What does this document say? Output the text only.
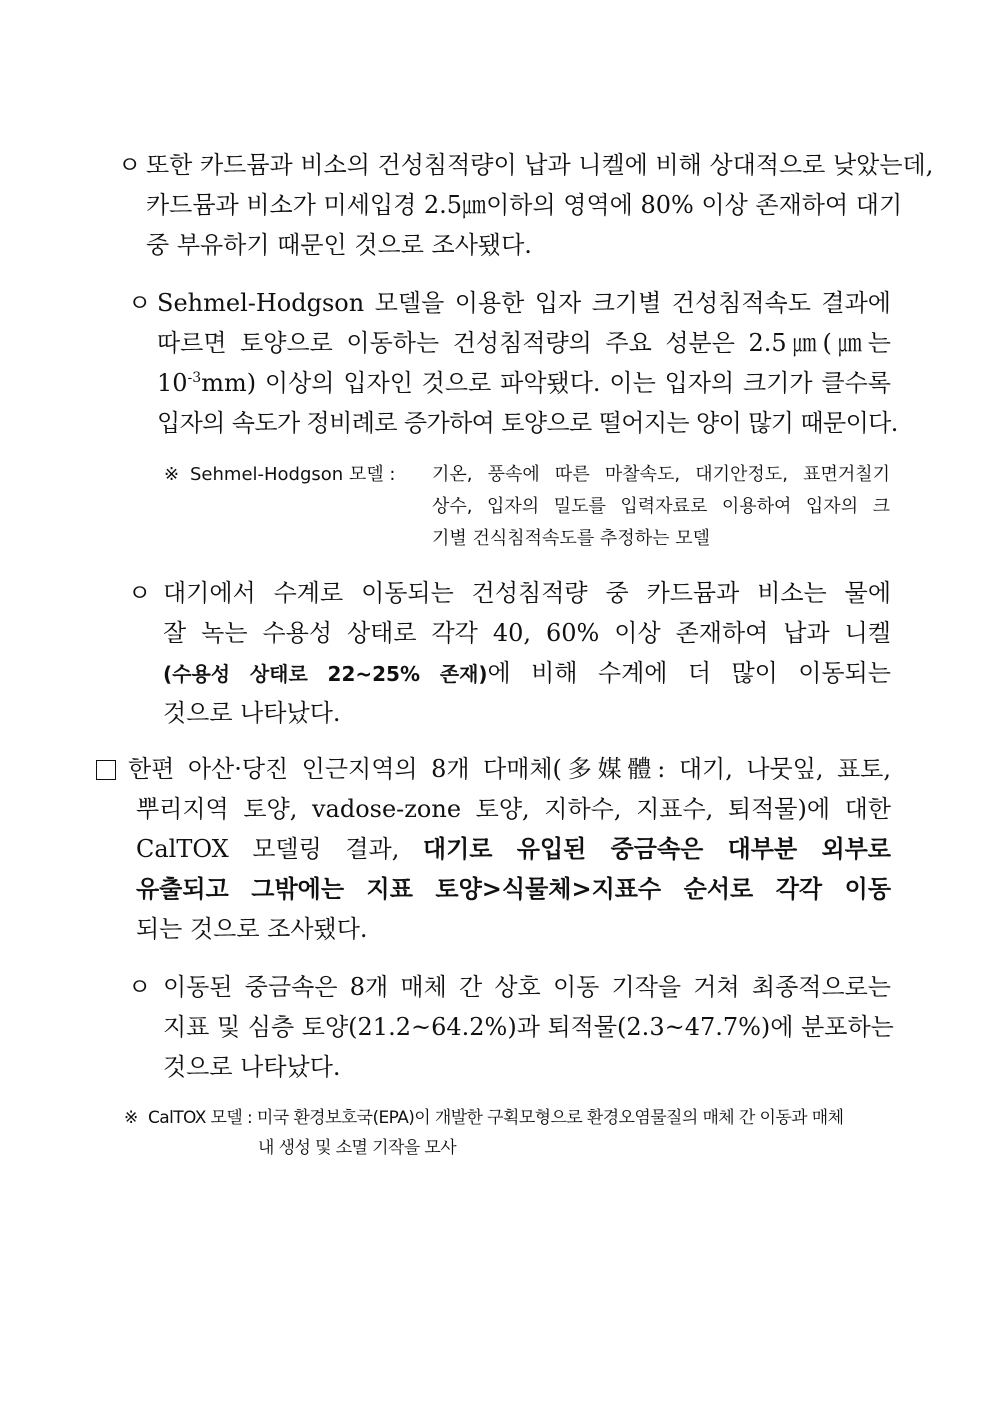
ㅇ 또한 카드뮴과 비소의 건성침적량이 납과 니켈에 비해 상대적으로 낮았는데,
카드뮴과 비소가 미세입경 2.5㎛이하의 영역에 80% 이상 존재하여 대기
중 부유하기 때문인 것으로 조사됐다.
ㅇ Sehmel-Hodgson 모델을 이용한 입자 크기별 건성침적속도 결과에
따르면 토양으로 이동하는 건성침적량의 주요 성분은 2.5㎛(㎛는
$10^{-3}mm$) 이상의 입자인 것으로 파악됐다. 이는 입자의 크기가 클수록
입자의 속도가 정비례로 증가하여 토양으로 떨어지는 양이 많기 때문이다.
※ Sehmel-Hodgson 모델 : 기온, 풍속에 따른 마찰속도, 대기안정도, 표면거칠기
상수, 입자의 밀도를 입력자료로 이용하여 입자의 크
기별 건식침적속도를 추정하는 모델
ㅇ 대기에서 수계로 이동되는 건성침적량 중 카드뮴과 비소는 물에
잘 녹는 수용성 상태로 각각 40, 60% 이상 존재하여 납과 니켈
(수용성 상태로 22~25% 존재)에 비해 수계에 더 많이 이동되는
것으로 나타났다.
한편 아산·당진 인근지역의 8개 다매체(多媒體: 대기, 나뭇잎, 표토,
뿌리지역 토양, vadose-zone 토양, 지하수, 지표수, 퇴적물)에 대한
CalTOX 모델링 결과, 대기로 유입된 중금속은 대부분 외부로
유출되고 그밖에는 지표 토양>식물체>지표수 순서로 각각 이동
되는 것으로 조사됐다.
ㅇ 이동된 중금속은 8개 매체 간 상호 이동 기작을 거쳐 최종적으로는
지표 및 심층 토양(21.2~64.2%)과 퇴적물(2.3~47.7%)에 분포하는
것으로 나타났다.
※ CalTOX 모델 : 미국 환경보호국(EPA)이 개발한 구획모형으로 환경오염물질의 매체 간 이동과 매체
내 생성 및 소멸 기작을 모사
